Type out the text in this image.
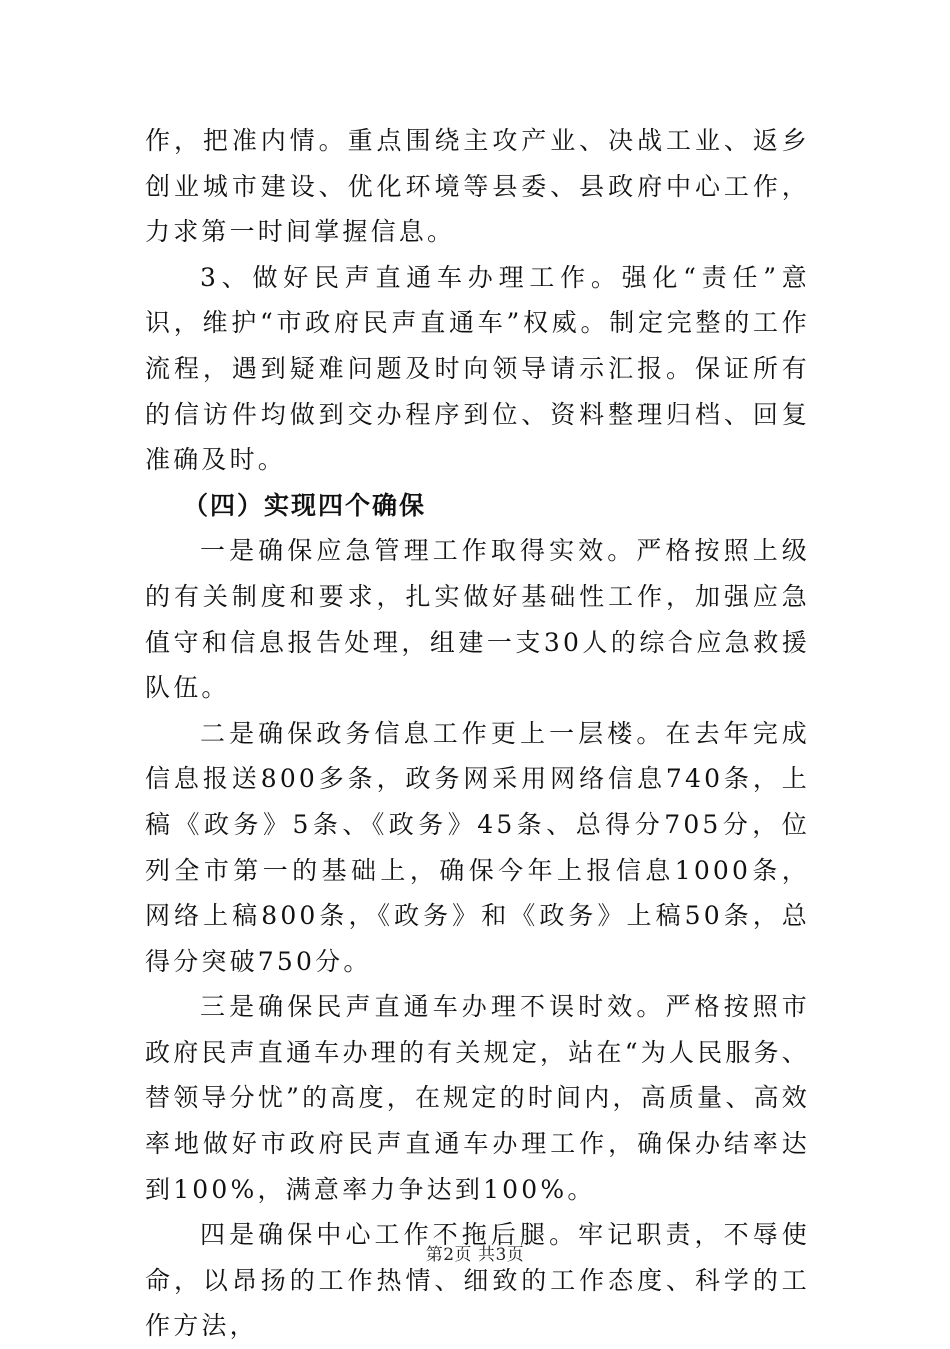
作，把准内情。重点围绕主攻产业、决战工业、返乡创业城市建设、优化环境等县委、县政府中心工作，力求第一时间掌握信息。

3、做好民声直通车办理工作。强化“责任”意识，维护“市政府民声直通车”权威。制定完整的工作流程，遇到疑难问题及时向领导请示汇报。保证所有的信访件均做到交办程序到位、资料整理归档、回复准确及时。

（四）实现四个确保

一是确保应急管理工作取得实效。严格按照上级的有关制度和要求，扎实做好基础性工作，加强应急值守和信息报告处理，组建一支30人的综合应急救援队伍。

二是确保政务信息工作更上一层楼。在去年完成信息报送800多条，政务网采用网络信息740条，上稿《政务》5条、《政务》45条、总得分705分，位列全市第一的基础上，确保今年上报信息1000条，网络上稿800条，《政务》和《政务》上稿50条，总得分突破750分。

三是确保民声直通车办理不误时效。严格按照市政府民声直通车办理的有关规定，站在“为人民服务、替领导分忧”的高度，在规定的时间内，高质量、高效率地做好市政府民声直通车办理工作，确保办结率达到100%，满意率力争达到100%。

四是确保中心工作不拖后腿。牢记职责，不辱使命，以昂扬的工作热情、细致的工作态度、科学的工作方法，

第2页 共3页
